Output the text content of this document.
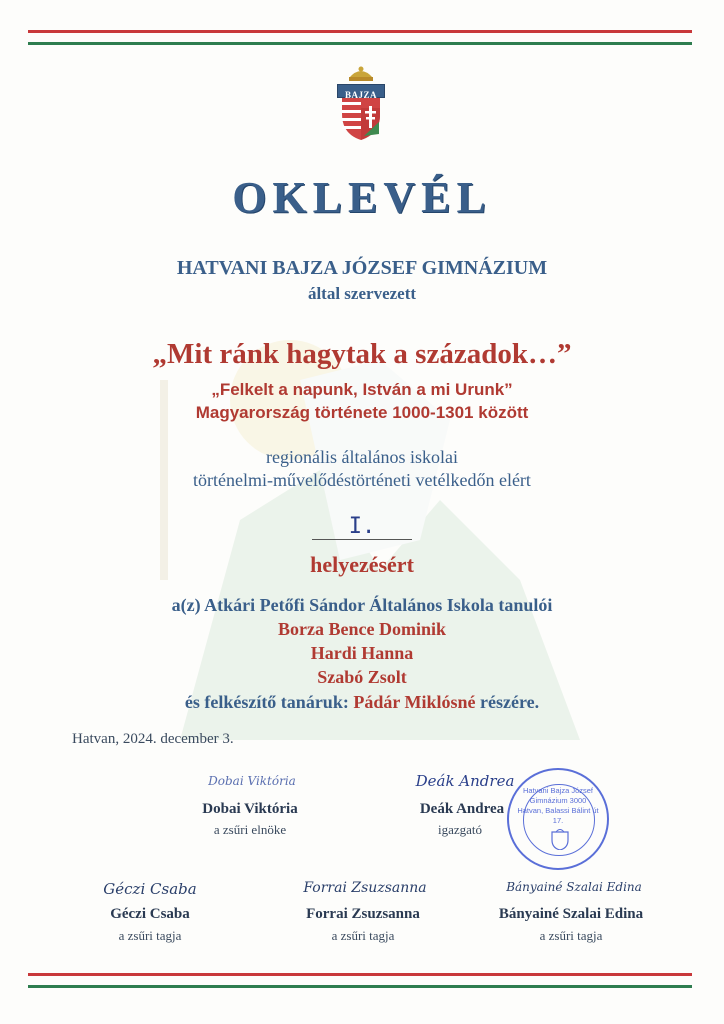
BAJZA
OKLEVÉL
HATVANI BAJZA JÓZSEF GIMNÁZIUM
által szervezett
„Mit ránk hagytak a századok…”
„Felkelt a napunk, István a mi Urunk”
Magyarország története 1000-1301 között
regionális általános iskolai
történelmi-művelődéstörténeti vetélkedőn elért
I.
helyezésért
a(z) Atkári Petőfi Sándor Általános Iskola tanulói
Borza Bence Dominik
Hardi Hanna
Szabó Zsolt
és felkészítő tanáruk: Pádár Miklósné részére.
Hatvan, 2024. december 3.
Dobai Viktória
Dobai Viktória
a zsűri elnöke
Deák Andrea
Deák Andrea
igazgató
Hatvani Bajza József Gimnázium 3000 Hatvan, Balassi Bálint út 17.
Géczi Csaba
Géczi Csaba
a zsűri tagja
Forrai Zsuzsanna
Forrai Zsuzsanna
a zsűri tagja
Bányainé Szalai Edina
Bányainé Szalai Edina
a zsűri tagja
